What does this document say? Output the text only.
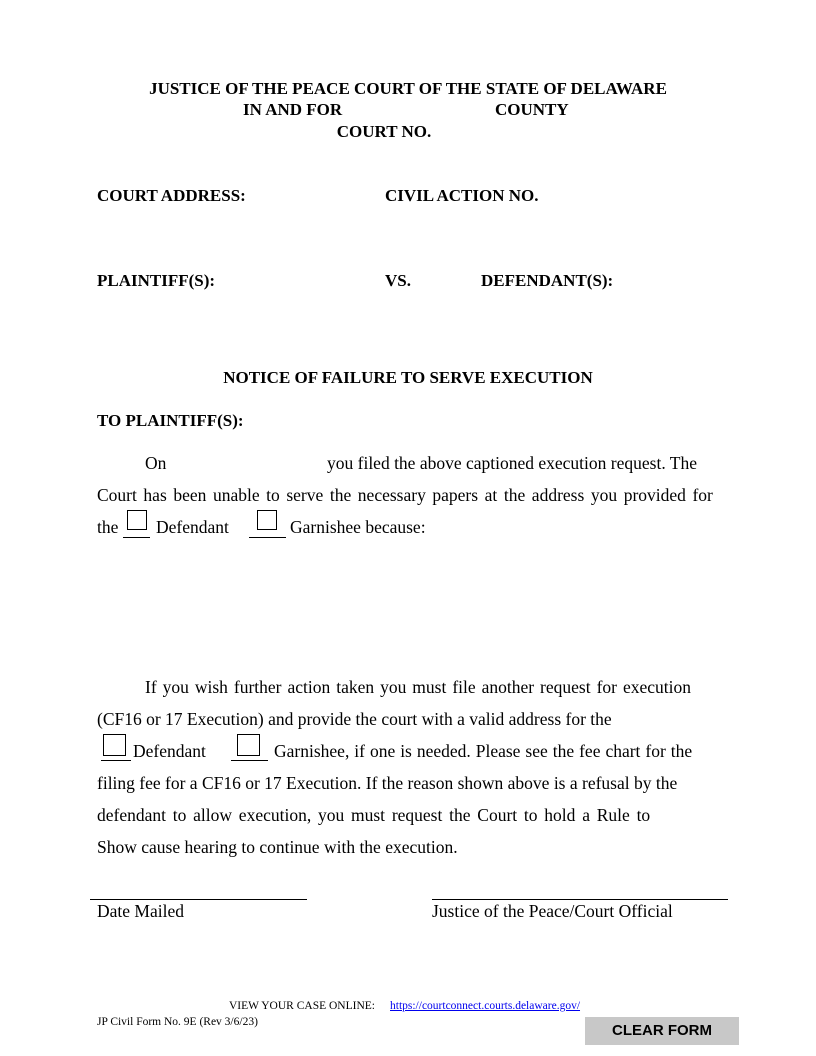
JUSTICE OF THE PEACE COURT OF THE STATE OF DELAWARE
IN AND FOR	COUNTY
COURT NO.
COURT ADDRESS:	CIVIL ACTION NO.
PLAINTIFF(S):	VS.	DEFENDANT(S):
NOTICE OF FAILURE TO SERVE EXECUTION
TO PLAINTIFF(S):
On	you filed the above captioned execution request. The
Court has been unable to serve the necessary papers at the address you provided for
the Defendant	Garnishee because:
If you wish further action taken you must file another request for execution
(CF16 or 17 Execution) and provide the court with a valid address for the
Defendant	Garnishee, if one is needed. Please see the fee chart for the
filing fee for a CF16 or 17 Execution. If the reason shown above is a refusal by the
defendant to allow execution, you must request the Court to hold a Rule to
Show cause hearing to continue with the execution.
Date Mailed	Justice of the Peace/Court Official
VIEW YOUR CASE ONLINE: https://courtconnect.courts.delaware.gov/
JP Civil Form No. 9E (Rev 3/6/23)	CLEAR FORM
